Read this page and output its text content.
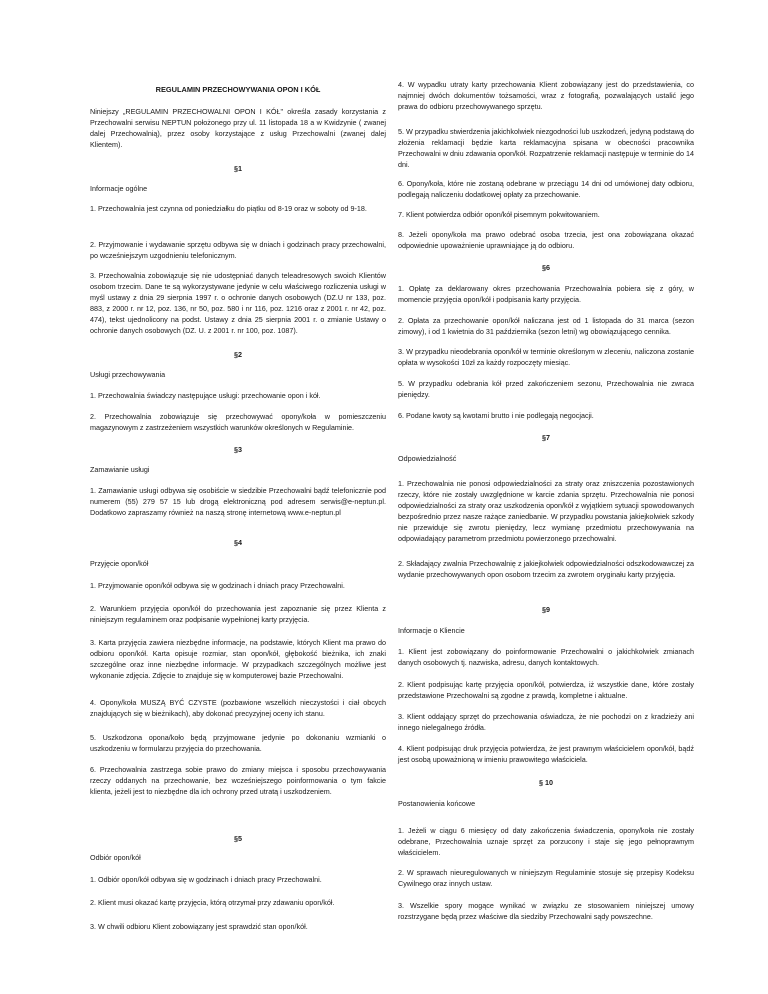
REGULAMIN PRZECHOWYWANIA OPON I KÓŁ

Niniejszy „REGULAMIN PRZECHOWALNI OPON I KÓŁ" określa zasady korzystania z Przechowalni serwisu NEPTUN położonego przy ul. 11 listopada 18 a w Kwidzynie ( zwanej dalej Przechowalnią), przez osoby korzystające z usług Przechowalni (zwanej dalej Klientem).

§1

Informacje ogólne

1. Przechowalnia jest czynna od poniedziałku do piątku od 8-19 oraz w soboty od 9-18.

2. Przyjmowanie i wydawanie sprzętu odbywa się w dniach i godzinach pracy przechowalni, po wcześniejszym uzgodnieniu telefonicznym.

3. Przechowalnia zobowiązuje się nie udostępniać danych teleadresowych swoich Klientów osobom trzecim. Dane te są wykorzystywane jedynie w celu właściwego rozliczenia usługi w myśl ustawy z dnia 29 sierpnia 1997 r. o ochronie danych osobowych (DZ.U nr 133, poz. 883, z 2000 r. nr 12, poz. 136, nr 50, poz. 580 i nr 116, poz. 1216 oraz z 2001 r. nr 42, poz. 474), tekst ujednolicony na podst. Ustawy z dnia 25 sierpnia 2001 r. o zmianie Ustawy o ochronie danych osobowych (DZ. U. z 2001 r. nr 100, poz. 1087).

§2

Usługi przechowywania

1. Przechowalnia świadczy następujące usługi: przechowanie opon i kół.

2. Przechowalnia zobowiązuje się przechowywać opony/koła w pomieszczeniu magazynowym z zastrzeżeniem wszystkich warunków określonych w Regulaminie.

§3

Zamawianie usługi

1. Zamawianie usługi odbywa się osobiście w siedzibie Przechowalni bądź telefonicznie pod numerem (55) 279 57 15 lub drogą elektroniczną pod adresem serwis@e-neptun.pl. Dodatkowo zapraszamy również na naszą stronę internetową www.e-neptun.pl

§4

Przyjęcie opon/kół

1. Przyjmowanie opon/kół odbywa się w godzinach i dniach pracy Przechowalni.

2. Warunkiem przyjęcia opon/kół do przechowania jest zapoznanie się przez Klienta z niniejszym regulaminem oraz podpisanie wypełnionej karty przyjęcia.

3. Karta przyjęcia zawiera niezbędne informacje, na podstawie, których Klient ma prawo do odbioru opon/kół. Karta opisuje rozmiar, stan opon/kół, głębokość bieżnika, ich znaki szczególne oraz inne niezbędne informacje. W przypadkach szczególnych możliwe jest wykonanie zdjęcia. Zdjęcie to znajduje się w komputerowej bazie Przechowalni.

4. Opony/koła MUSZĄ BYĆ CZYSTE (pozbawione wszelkich nieczystości i ciał obcych znajdujących się w bieżnikach), aby dokonać precyzyjnej oceny ich stanu.

5. Uszkodzona opona/koło będą przyjmowane jedynie po dokonaniu wzmianki o uszkodzeniu w formularzu przyjęcia do przechowania.

6. Przechowalnia zastrzega sobie prawo do zmiany miejsca i sposobu przechowywania rzeczy oddanych na przechowanie, bez wcześniejszego poinformowania o tym fakcie klienta, jeżeli jest to niezbędne dla ich ochrony przed utratą i uszkodzeniem.

§5

Odbiór opon/kół

1. Odbiór opon/kół odbywa się w godzinach i dniach pracy Przechowalni.

2. Klient musi okazać kartę przyjęcia, którą otrzymał przy zdawaniu opon/kół.

3. W chwili odbioru Klient zobowiązany jest sprawdzić stan opon/kół.

4. W wypadku utraty karty przechowania Klient zobowiązany jest do przedstawienia, co najmniej dwóch dokumentów tożsamości, wraz z fotografią, pozwalających ustalić jego prawa do odbioru przechowywanego sprzętu.

5. W przypadku stwierdzenia jakichkolwiek niezgodności lub uszkodzeń, jedyną podstawą do złożenia reklamacji będzie karta reklamacyjna spisana w obecności pracownika Przechowalni w dniu zdawania opon/kół. Rozpatrzenie reklamacji następuje w terminie do 14 dni.

6. Opony/koła, które nie zostaną odebrane w przeciągu 14 dni od umówionej daty odbioru, podlegają naliczeniu dodatkowej opłaty za przechowanie.

7. Klient potwierdza odbiór opon/kół pisemnym pokwitowaniem.

8. Jeżeli opony/koła ma prawo odebrać osoba trzecia, jest ona zobowiązana okazać odpowiednie upoważnienie uprawniające ją do odbioru.

§6

1. Opłatę za deklarowany okres przechowania Przechowalnia pobiera się z góry, w momencie przyjęcia opon/kół i podpisania karty przyjęcia.

2. Opłata za przechowanie opon/kół naliczana jest od 1 listopada do 31 marca (sezon zimowy), i od 1 kwietnia do 31 października (sezon letni) wg obowiązującego cennika.

3. W przypadku nieodebrania opon/kół w terminie określonym w zleceniu, naliczona zostanie opłata w wysokości 10zł za każdy rozpoczęty miesiąc.

5. W przypadku odebrania kół przed zakończeniem sezonu, Przechowalnia nie zwraca pieniędzy.

6. Podane kwoty są kwotami brutto i nie podlegają negocjacji.

§7

Odpowiedzialność

1. Przechowalnia nie ponosi odpowiedzialności za straty oraz zniszczenia pozostawionych rzeczy, które nie zostały uwzględnione w karcie zdania sprzętu. Przechowalnia nie ponosi odpowiedzialności za straty oraz uszkodzenia opon/kół z wyjątkiem sytuacji spowodowanych bezpośrednio przez nasze rażące zaniedbanie. W przypadku powstania jakiejkolwiek szkody nie przewiduje się zwrotu pieniędzy, lecz wymianę przedmiotu przechowywania na odpowiadający parametrom przedmiotu powierzonego przechowalni.

2. Składający zwalnia Przechowalnię z jakiejkolwiek odpowiedzialności odszkodowawczej za wydanie przechowywanych opon osobom trzecim za zwrotem oryginału karty przyjęcia.

§9

Informacje o Kliencie

1. Klient jest zobowiązany do poinformowanie Przechowalni o jakichkolwiek zmianach danych osobowych tj. nazwiska, adresu, danych kontaktowych.

2. Klient podpisując kartę przyjęcia opon/kół, potwierdza, iż wszystkie dane, które zostały przedstawione Przechowalni są zgodne z prawdą, kompletne i aktualne.

3. Klient oddający sprzęt do przechowania oświadcza, że nie pochodzi on z kradzieży ani innego nielegalnego źródła.

4. Klient podpisując druk przyjęcia potwierdza, że jest prawnym właścicielem opon/kół, bądź jest osobą upoważnioną w imieniu prawowitego właściciela.

§ 10

Postanowienia końcowe

1. Jeżeli w ciągu 6 miesięcy od daty zakończenia świadczenia, opony/koła nie zostały odebrane, Przechowalnia uznaje sprzęt za porzucony i staje się jego pełnoprawnym właścicielem.

2. W sprawach nieuregulowanych w niniejszym Regulaminie stosuje się przepisy Kodeksu Cywilnego oraz innych ustaw.

3. Wszelkie spory mogące wynikać w związku ze stosowaniem niniejszej umowy rozstrzygane będą przez właściwe dla siedziby Przechowalni sądy powszechne.
